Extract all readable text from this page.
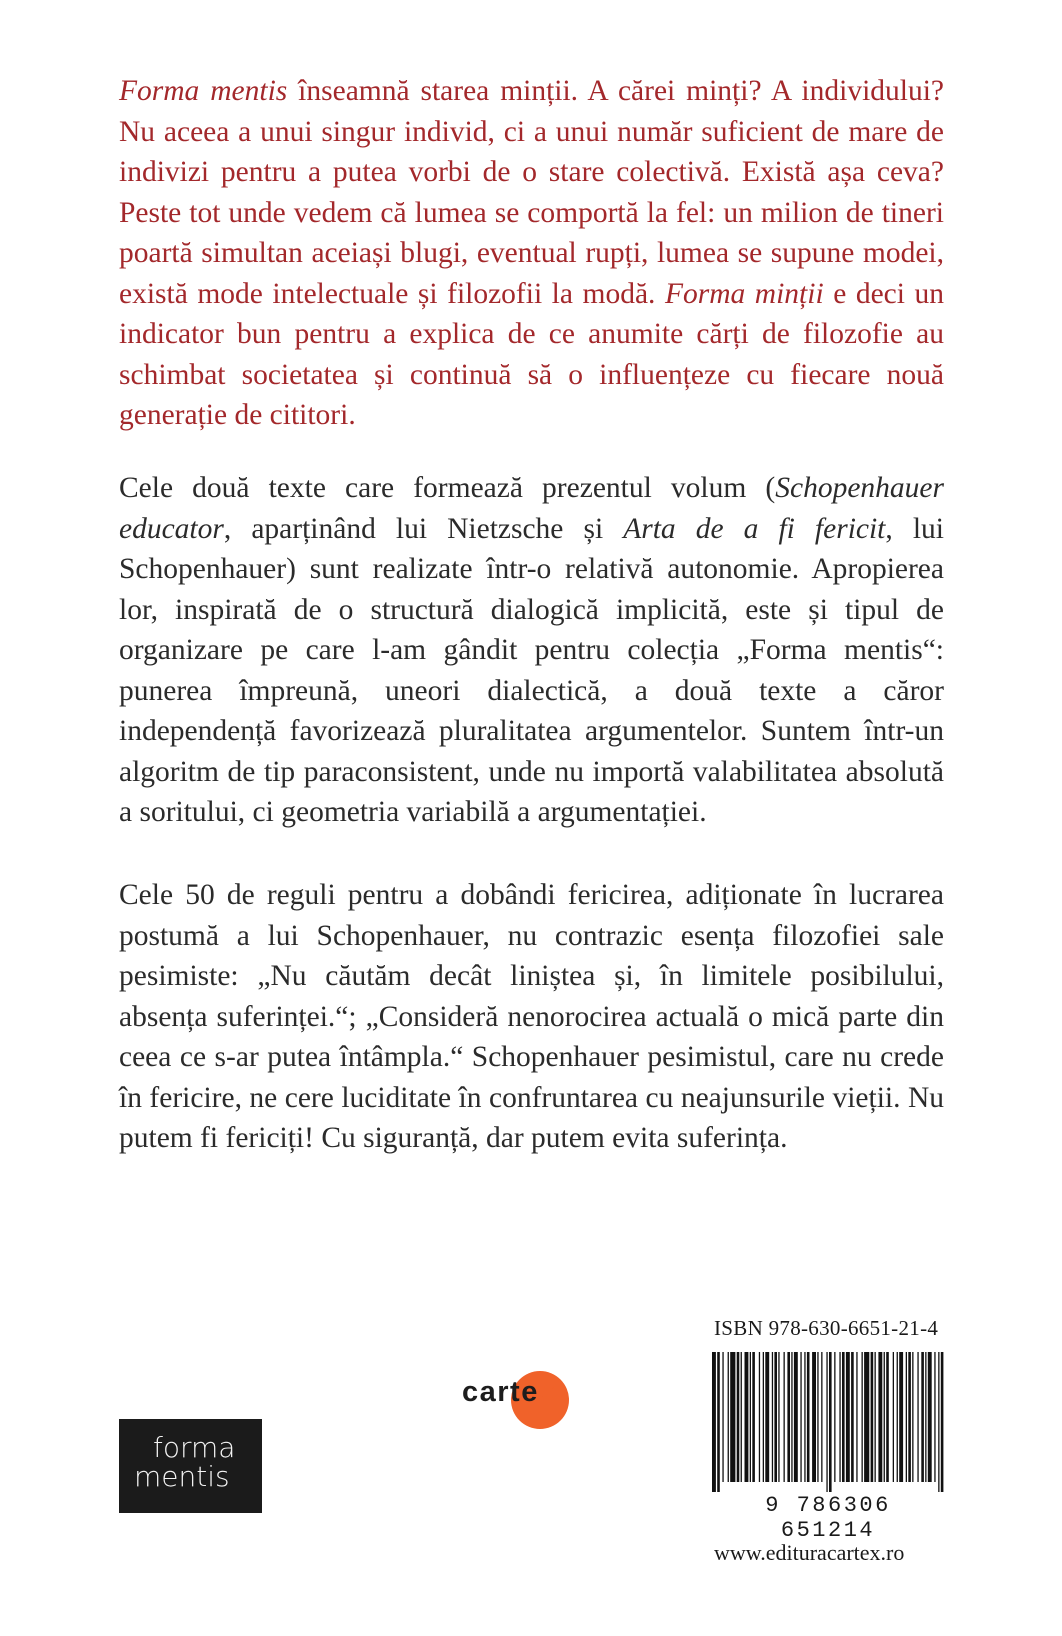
Forma mentis înseamnă starea minții. A cărei minți? A individului? Nu aceea a unui singur individ, ci a unui număr suficient de mare de indivizi pentru a putea vorbi de o stare colectivă. Există așa ceva? Peste tot unde vedem că lumea se comportă la fel: un milion de tineri poartă simultan aceiași blugi, eventual rupți, lumea se supune modei, există mode intelectuale și filozofii la modă. Forma minții e deci un indicator bun pentru a explica de ce anumite cărți de filozofie au schimbat societatea și continuă să o influențeze cu fiecare nouă generație de cititori.

Cele două texte care formează prezentul volum (Schopenhauer educator, aparținând lui Nietzsche și Arta de a fi fericit, lui Schopenhauer) sunt realizate într-o relativă autonomie. Apropierea lor, inspirată de o structură dialogică implicită, este și tipul de organizare pe care l-am gândit pentru colecția „Forma mentis“: punerea împreună, uneori dialectică, a două texte a căror independență favorizează pluralitatea argumentelor. Suntem într-un algoritm de tip paraconsistent, unde nu importă valabilitatea absolută a soritului, ci geometria variabilă a argumentației.

Cele 50 de reguli pentru a dobândi fericirea, adiționate în lucrarea postumă a lui Schopenhauer, nu contrazic esența filozofiei sale pesimiste: „Nu căutăm decât liniștea și, în limitele posibilului, absența suferinței.“; „Consideră nenorocirea actuală o mică parte din ceea ce s-ar putea întâmpla.“ Schopenhauer pesimistul, care nu crede în fericire, ne cere luciditate în confruntarea cu neajunsurile vieții. Nu putem fi fericiți! Cu siguranță, dar putem evita suferința.

forma
mentis
cartex

ISBN 978-630-6651-21-4

9 786306 651214

www.edituracartex.ro
